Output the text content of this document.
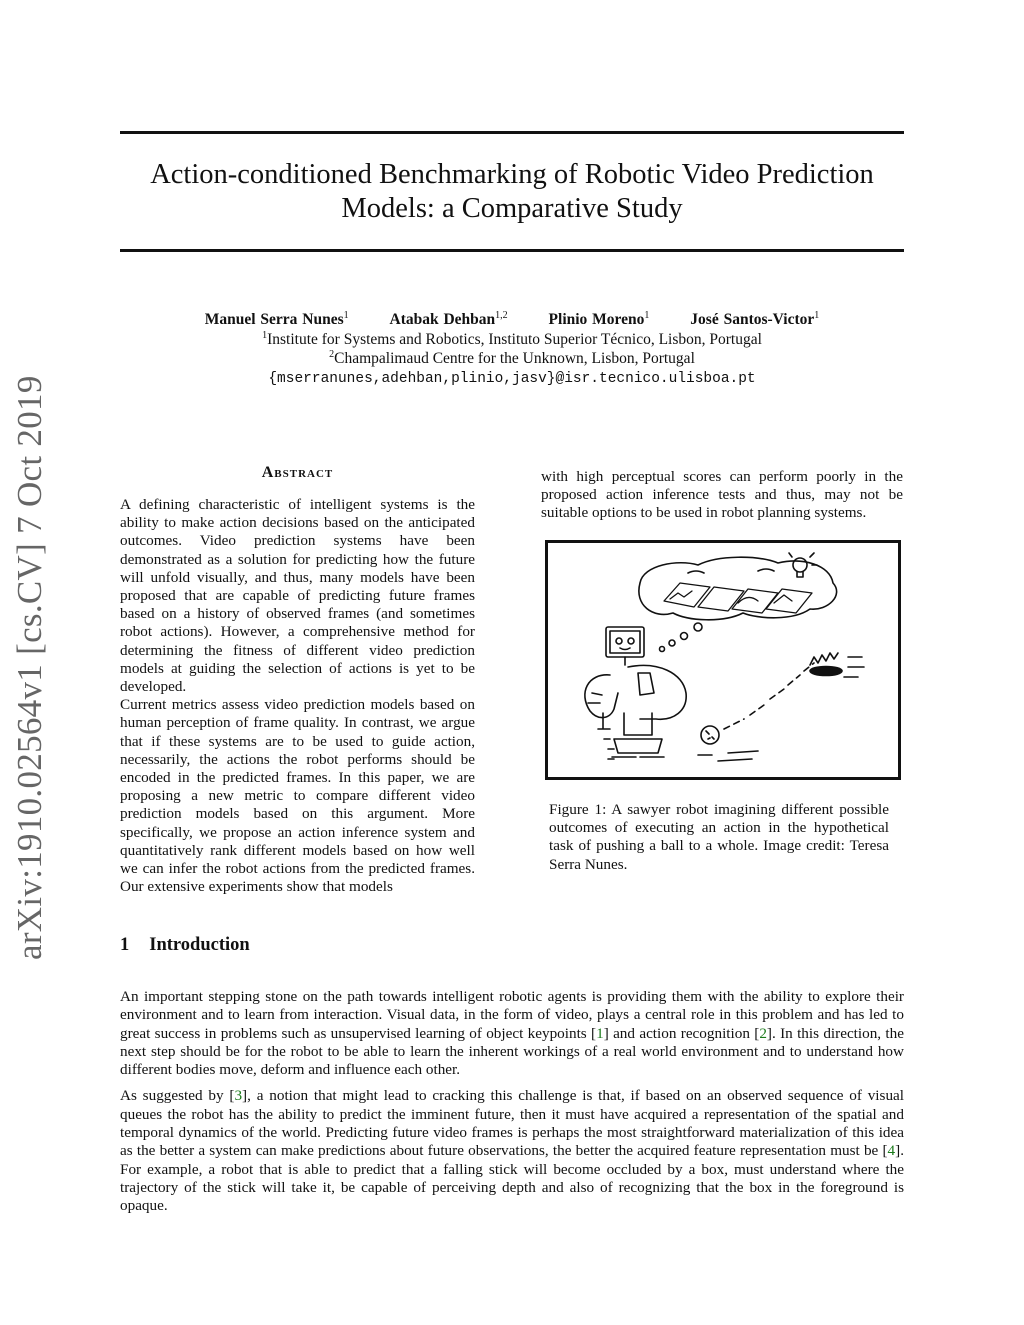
arXiv:1910.02564v1 [cs.CV] 7 Oct 2019
Action-conditioned Benchmarking of Robotic Video Prediction
Models: a Comparative Study
Manuel Serra Nunes$^1$	Atabak Dehban$^{1,2}$	Plinio Moreno$^1$	José Santos-Victor$^1$
$^1$Institute for Systems and Robotics, Instituto Superior Técnico, Lisbon, Portugal
$^2$Champalimaud Centre for the Unknown, Lisbon, Portugal
{mserranunes,adehban,plinio,jasv}@isr.tecnico.ulisboa.pt
Abstract

A defining characteristic of intelligent systems is the ability to make action decisions based on the anticipated outcomes. Video prediction systems have been demonstrated as a solution for predicting how the future will unfold visually, and thus, many models have been proposed that are capable of predicting future frames based on a history of observed frames (and sometimes robot actions). However, a comprehensive method for determining the fitness of different video prediction models at guiding the selection of actions is yet to be developed.

Current metrics assess video prediction models based on human perception of frame quality. In contrast, we argue that if these systems are to be used to guide action, necessarily, the actions the robot performs should be encoded in the predicted frames. In this paper, we are proposing a new metric to compare different video prediction models based on this argument. More specifically, we propose an action inference system and quantitatively rank different models based on how well we can infer the robot actions from the predicted frames. Our extensive experiments show that models

with high perceptual scores can perform poorly in the proposed action inference tests and thus, may not be suitable options to be used in robot planning systems.

Figure 1: A sawyer robot imagining different possible outcomes of executing an action in the hypothetical task of pushing a ball to a whole. Image credit: Teresa Serra Nunes.
1 Introduction

An important stepping stone on the path towards intelligent robotic agents is providing them with the ability to explore their environment and to learn from interaction. Visual data, in the form of video, plays a central role in this problem and has led to great success in problems such as unsupervised learning of object keypoints [1] and action recognition [2]. In this direction, the next step should be for the robot to be able to learn the inherent workings of a real world environment and to understand how different bodies move, deform and influence each other.

As suggested by [3], a notion that might lead to cracking this challenge is that, if based on an observed sequence of visual queues the robot has the ability to predict the imminent future, then it must have acquired a representation of the spatial and temporal dynamics of the world. Predicting future video frames is perhaps the most straightforward materialization of this idea as the better a system can make predictions about future observations, the better the acquired feature representation must be [4]. For example, a robot that is able to predict that a falling stick will become occluded by a box, must understand where the trajectory of the stick will take it, be capable of perceiving depth and also of recognizing that the box in the foreground is opaque.
